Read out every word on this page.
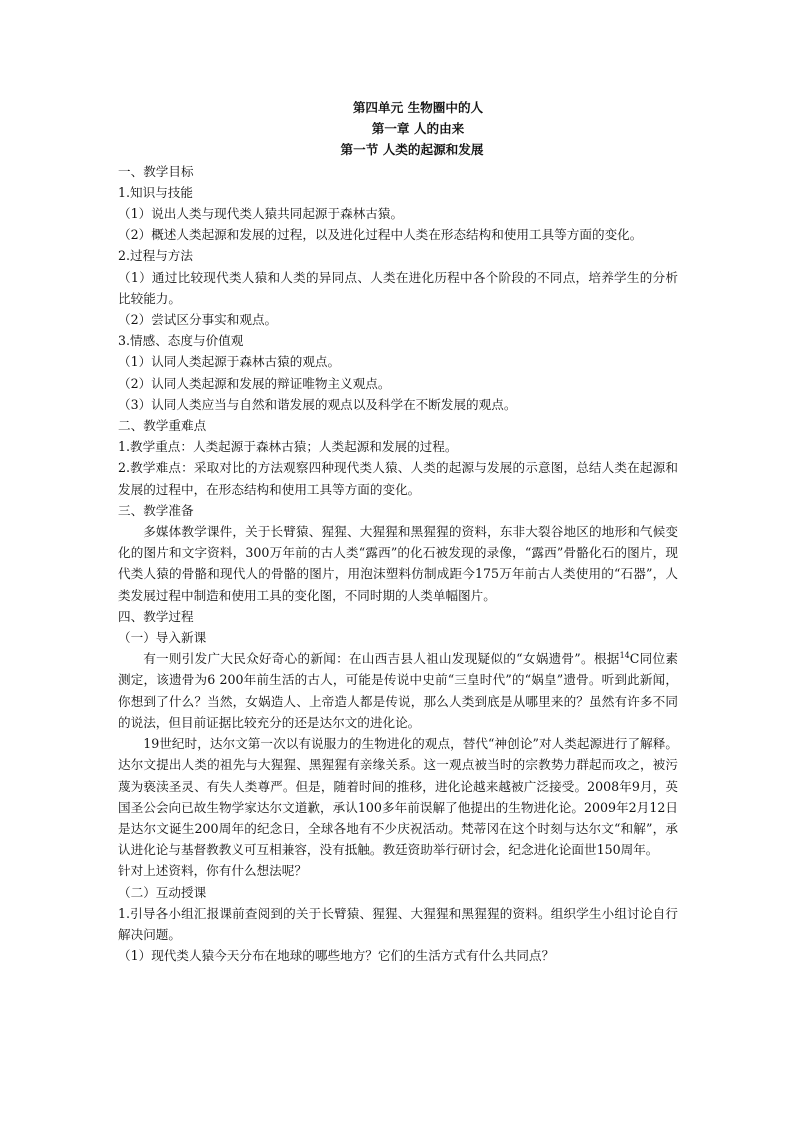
第四单元 生物圈中的人
第一章 人的由来
第一节 人类的起源和发展
一、教学目标
1.知识与技能
（1）说出人类与现代类人猿共同起源于森林古猿。
（2）概述人类起源和发展的过程，以及进化过程中人类在形态结构和使用工具等方面的变化。
2.过程与方法
（1）通过比较现代类人猿和人类的异同点、人类在进化历程中各个阶段的不同点，培养学生的分析比较能力。
（2）尝试区分事实和观点。
3.情感、态度与价值观
（1）认同人类起源于森林古猿的观点。
（2）认同人类起源和发展的辩证唯物主义观点。
（3）认同人类应当与自然和谐发展的观点以及科学在不断发展的观点。
二、教学重难点
1.教学重点：人类起源于森林古猿；人类起源和发展的过程。
2.教学难点：采取对比的方法观察四种现代类人猿、人类的起源与发展的示意图，总结人类在起源和发展的过程中，在形态结构和使用工具等方面的变化。
三、教学准备
多媒体教学课件，关于长臂猿、猩猩、大猩猩和黑猩猩的资料，东非大裂谷地区的地形和气候变化的图片和文字资料，300万年前的古人类“露西”的化石被发现的录像，“露西”骨骼化石的图片，现代类人猿的骨骼和现代人的骨骼的图片，用泡沫塑料仿制成距今175万年前古人类使用的“石器”，人类发展过程中制造和使用工具的变化图，不同时期的人类单幅图片。
四、教学过程
（一）导入新课
有一则引发广大民众好奇心的新闻：在山西吉县人祖山发现疑似的“女娲遗骨”。根据$^{14}$C同位素测定，该遗骨为6 200年前生活的古人，可能是传说中史前“三皇时代”的“娲皇”遗骨。听到此新闻，你想到了什么？当然，女娲造人、上帝造人都是传说，那么人类到底是从哪里来的？虽然有许多不同的说法，但目前证据比较充分的还是达尔文的进化论。
19世纪时，达尔文第一次以有说服力的生物进化的观点，替代“神创论”对人类起源进行了解释。达尔文提出人类的祖先与大猩猩、黑猩猩有亲缘关系。这一观点被当时的宗教势力群起而攻之，被污蔑为亵渎圣灵、有失人类尊严。但是，随着时间的推移，进化论越来越被广泛接受。2008年9月，英国圣公会向已故生物学家达尔文道歉，承认100多年前误解了他提出的生物进化论。2009年2月12日是达尔文诞生200周年的纪念日，全球各地有不少庆祝活动。梵蒂冈在这个时刻与达尔文“和解”，承认进化论与基督教教义可互相兼容，没有抵触。教廷资助举行研讨会，纪念进化论面世150周年。
针对上述资料，你有什么想法呢？
（二）互动授课
1.引导各小组汇报课前查阅到的关于长臂猿、猩猩、大猩猩和黑猩猩的资料。组织学生小组讨论自行解决问题。
（1）现代类人猿今天分布在地球的哪些地方？它们的生活方式有什么共同点？
